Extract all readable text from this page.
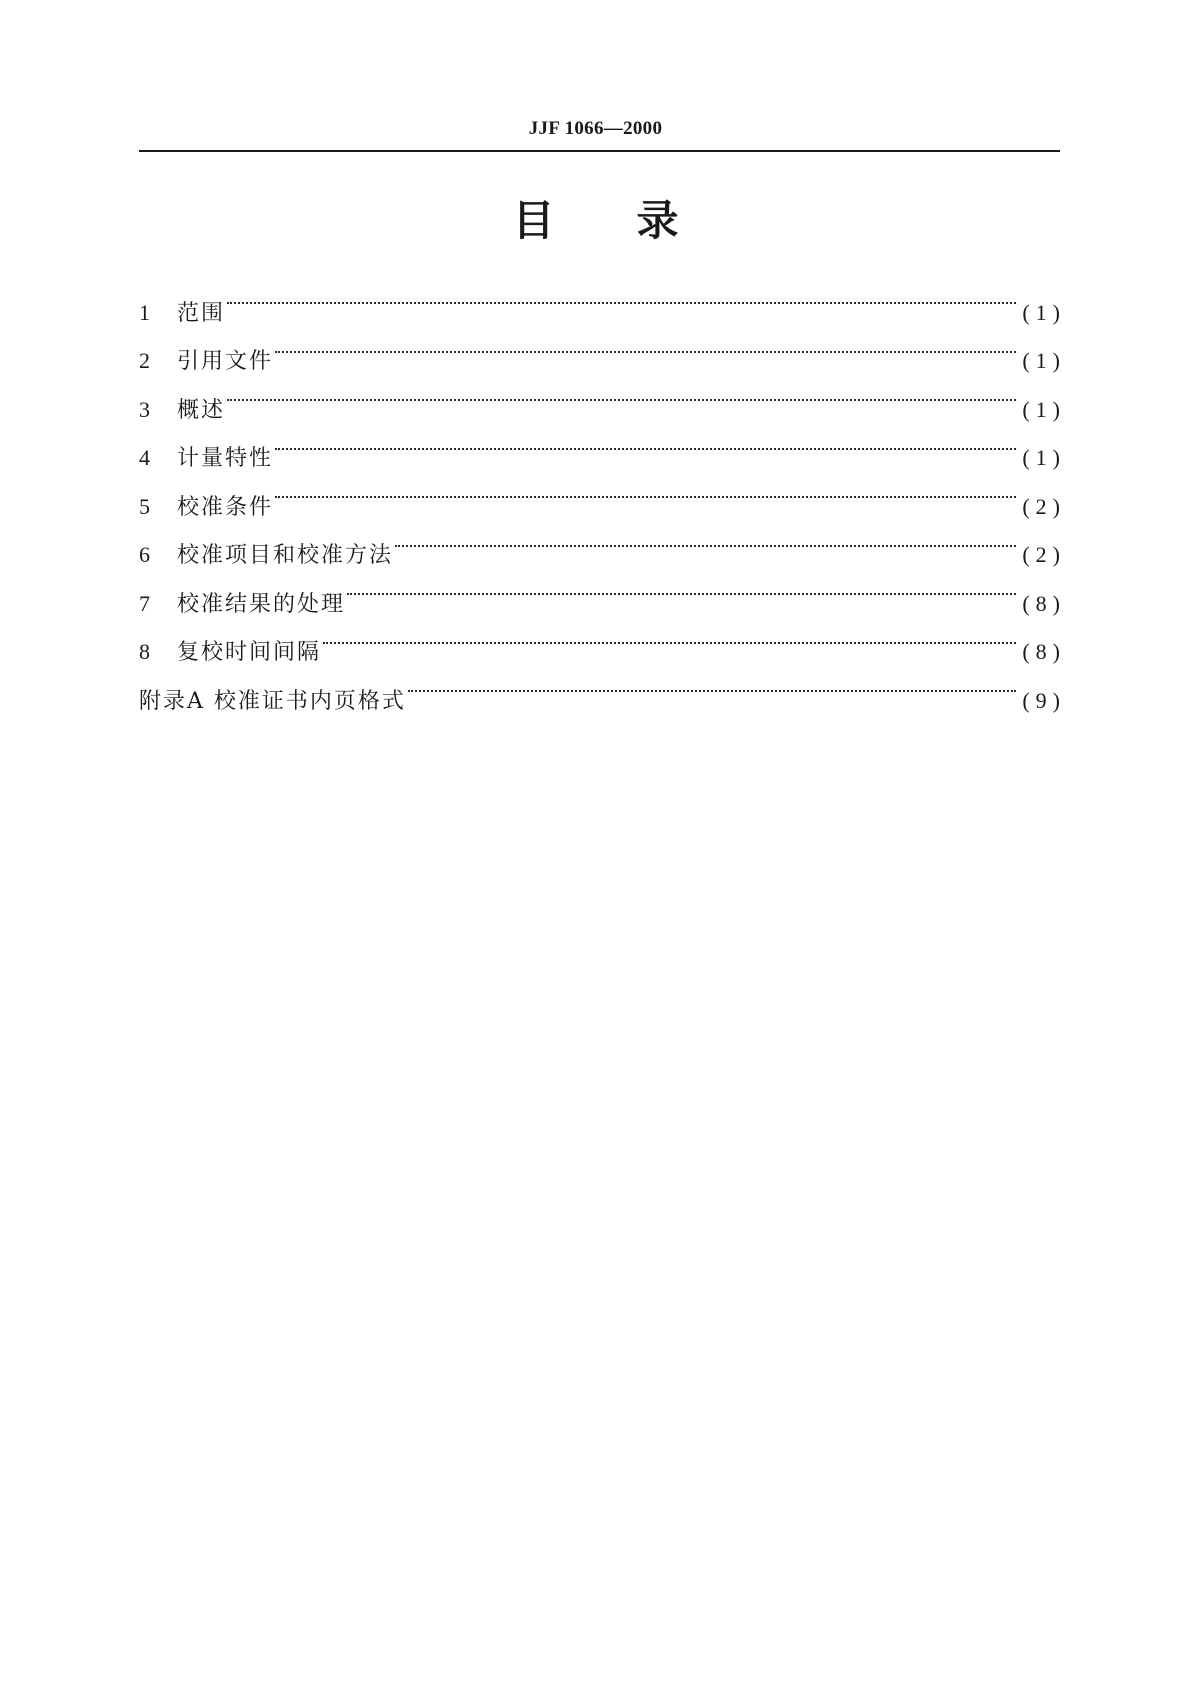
JJF 1066—2000
目录
1	范围	(1)
2	引用文件	(1)
3	概述	(1)
4	计量特性	(1)
5	校准条件	(2)
6	校准项目和校准方法	(2)
7	校准结果的处理	(8)
8	复校时间间隔	(8)
附录A 校准证书内页格式	(9)
